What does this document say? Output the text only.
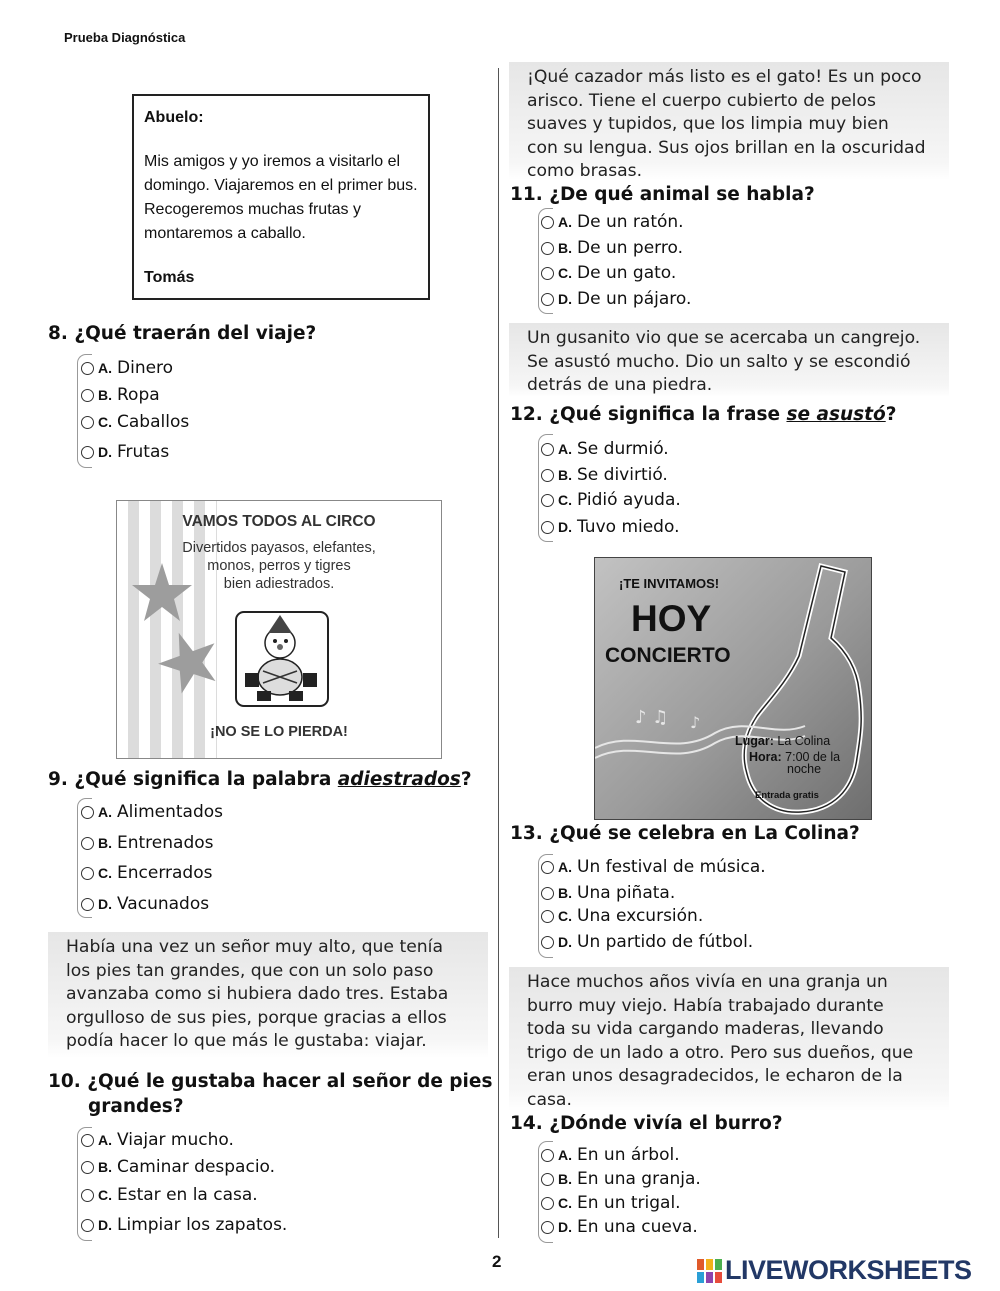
Prueba Diagnóstica
Abuelo:
Mis amigos y yo iremos a visitarlo el
domingo. Viajaremos en el primer bus.
Recogeremos muchas frutas y
montaremos a caballo.
Tomás
8. ¿Qué traerán del viaje?
A. Dinero
B. Ropa
C. Caballos
D. Frutas
VAMOS TODOS AL CIRCO
Divertidos payasos, elefantes,
monos, perros y tigres
bien adiestrados.
¡NO SE LO PIERDA!
9. ¿Qué significa la palabra adiestrados?
A. Alimentados
B. Entrenados
C. Encerrados
D. Vacunados
Había una vez un señor muy alto, que tenía
los pies tan grandes, que con un solo paso
avanzaba como si hubiera dado tres. Estaba
orgulloso de sus pies, porque gracias a ellos
podía hacer lo que más le gustaba: viajar.
10. ¿Qué le gustaba hacer al señor de pies
grandes?
A. Viajar mucho.
B. Caminar despacio.
C. Estar en la casa.
D. Limpiar los zapatos.
¡Qué cazador más listo es el gato! Es un poco
arisco. Tiene el cuerpo cubierto de pelos
suaves y tupidos, que los limpia muy bien
con su lengua. Sus ojos brillan en la oscuridad
como brasas.
11. ¿De qué animal se habla?
A. De un ratón.
B. De un perro.
C. De un gato.
D. De un pájaro.
Un gusanito vio que se acercaba un cangrejo.
Se asustó mucho. Dio un salto y se escondió
detrás de una piedra.
12. ¿Qué significa la frase se asustó?
A. Se durmió.
B. Se divirtió.
C. Pidió ayuda.
D. Tuvo miedo.
♪ ♫ ♪
¡TE INVITAMOS!
HOY
CONCIERTO
Lugar: La Colina
Hora: 7:00 de la
noche
Entrada gratis
13. ¿Qué se celebra en La Colina?
A. Un festival de música.
B. Una piñata.
C. Una excursión.
D. Un partido de fútbol.
Hace muchos años vivía en una granja un
burro muy viejo. Había trabajado durante
toda su vida cargando maderas, llevando
trigo de un lado a otro. Pero sus dueños, que
eran unos desagradecidos, le echaron de la
casa.
14. ¿Dónde vivía el burro?
A. En un árbol.
B. En una granja.
C. En un trigal.
D. En una cueva.
2	LIVEWORKSHEETS
